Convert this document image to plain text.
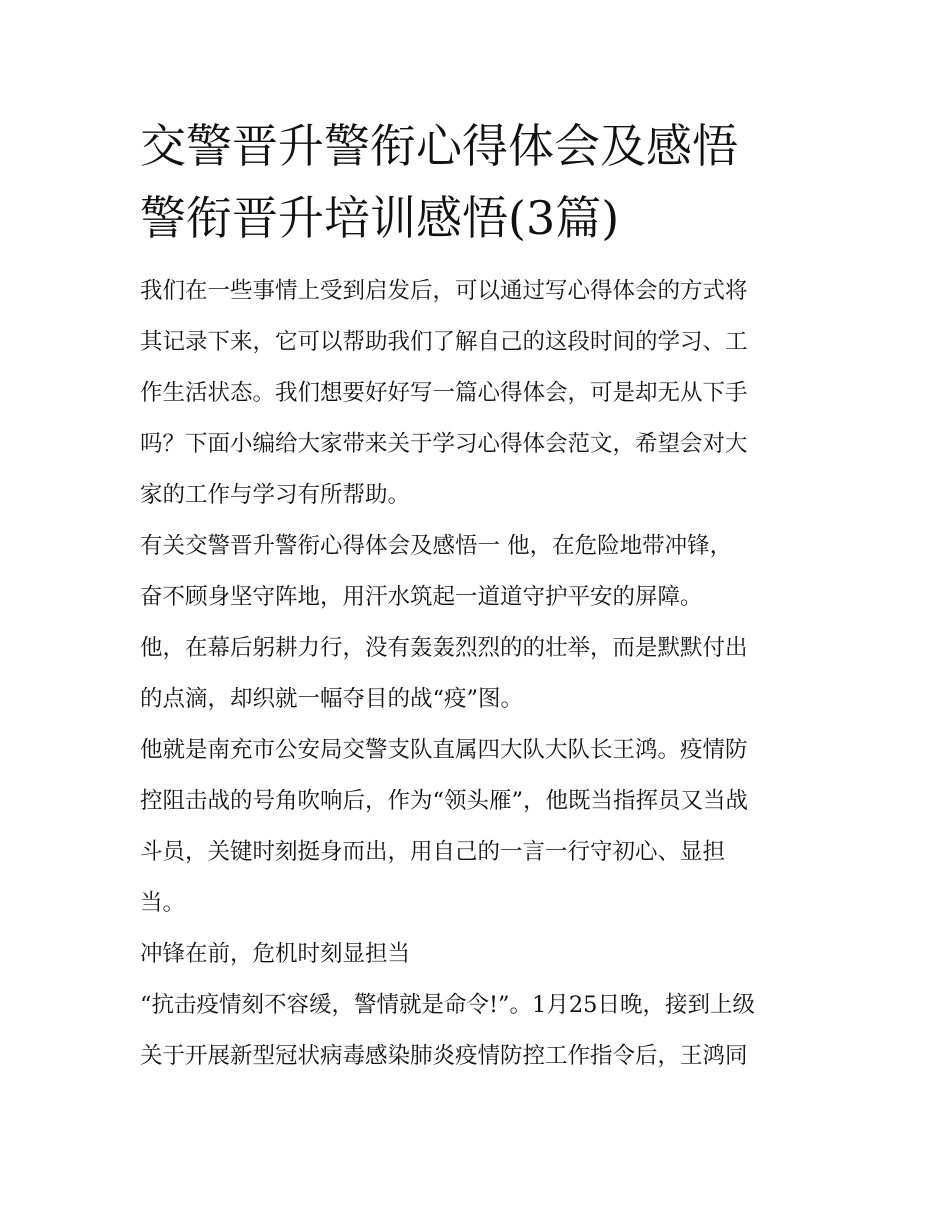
交警晋升警衔心得体会及感悟
警衔晋升培训感悟(3篇)
我们在一些事情上受到启发后，可以通过写心得体会的方式将
其记录下来，它可以帮助我们了解自己的这段时间的学习、工
作生活状态。我们想要好好写一篇心得体会，可是却无从下手
吗？下面小编给大家带来关于学习心得体会范文，希望会对大
家的工作与学习有所帮助。
有关交警晋升警衔心得体会及感悟一 他，在危险地带冲锋，
奋不顾身坚守阵地，用汗水筑起一道道守护平安的屏障。
他，在幕后躬耕力行，没有轰轰烈烈的的壮举，而是默默付出
的点滴，却织就一幅夺目的战“疫”图。
他就是南充市公安局交警支队直属四大队大队长王鸿。疫情防
控阻击战的号角吹响后，作为“领头雁”，他既当指挥员又当战
斗员，关键时刻挺身而出，用自己的一言一行守初心、显担
当。
冲锋在前，危机时刻显担当
“抗击疫情刻不容缓，警情就是命令!”。1月25日晚，接到上级
关于开展新型冠状病毒感染肺炎疫情防控工作指令后，王鸿同
